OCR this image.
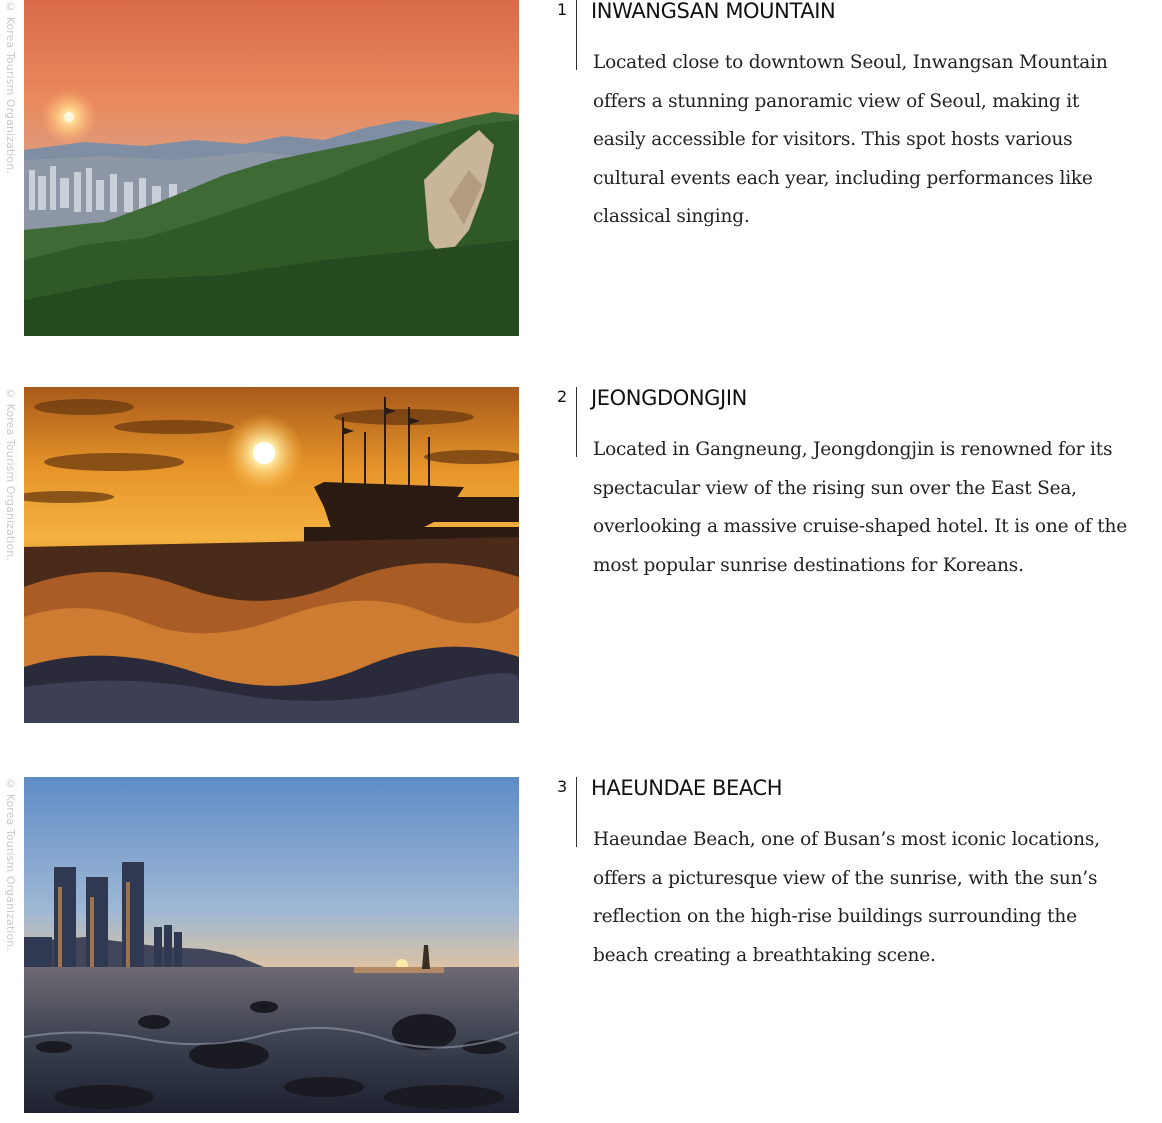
© Korea Tourism Organization.	1 INWANGSAN MOUNTAIN
Located close to downtown Seoul, Inwangsan Mountain offers a stunning panoramic view of Seoul, making it easily accessible for visitors. This spot hosts various cultural events each year, including performances like classical singing.
© Korea Tourism Organization.	2 JEONGDONGJIN
Located in Gangneung, Jeongdongjin is renowned for its spectacular view of the rising sun over the East Sea, overlooking a massive cruise-shaped hotel. It is one of the most popular sunrise destinations for Koreans.
© Korea Tourism Organization.	3 HAEUNDAE BEACH
Haeundae Beach, one of Busan’s most iconic locations, offers a picturesque view of the sunrise, with the sun’s reflection on the high-rise buildings surrounding the beach creating a breathtaking scene.
